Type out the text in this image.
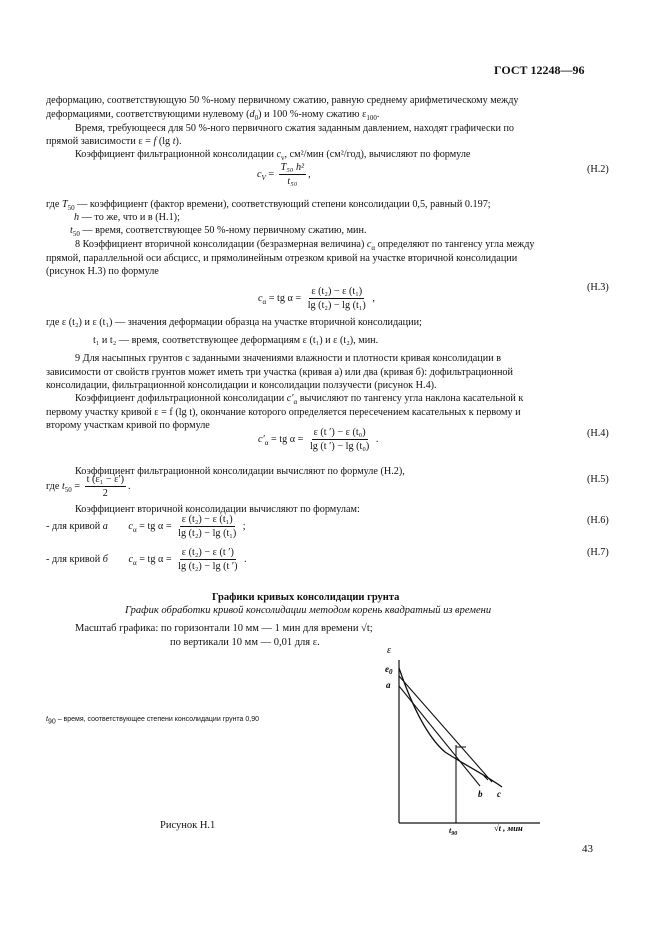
ГОСТ 12248—96
деформацию, соответствующую 50 %-ному первичному сжатию, равную среднему арифметическому между
деформациями, соответствующими нулевому $(d_0)$ и 100 %-ному сжатию $\varepsilon_{100}$.
Время, требующееся для 50 %-ного первичного сжатия заданным давлением, находят графически по
прямой зависимости ε = f (lg t).
Коэффициент фильтрационной консолидации $c_v$, см²/мин (см²/год), вычисляют по формуле
$c_V = \frac{\text{T₅₀ h²}}{\text{t₅₀}}$ ,	(Н.2)
где $T_{50}$ — коэффициент (фактор времени), соответствующий степени консолидации 0,5, равный 0.197;
h — то же, что и в (Н.1);
$t_{50}$ — время, соответствующее 50 %-ному первичному сжатию, мин.
8 Коэффициент вторичной консолидации (безразмерная величина) $c_\alpha$ определяют по тангенсу угла между
прямой, параллельной оси абсцисс, и прямолинейным отрезком кривой на участке вторичной консолидации
(рисунок Н.3) по формуле
$c_\alpha$ = tg $\alpha = \frac{\text{ε (t₂) − ε (t₁)}}{\text{lg (t₂) − lg (t₁)}}$ ,
(Н.3)
где ε (t₂) и ε (t₁) — значения деформации образца на участке вторичной консолидации;
t₁ и t₂ — время, соответствующее деформациям ε (t₁) и ε (t₂), мин.
9 Для насыпных грунтов с заданными значениями влажности и плотности кривая консолидации в
зависимости от свойств грунтов может иметь три участка (кривая а) или два (кривая б): дофильтрационной
консолидации, фильтрационной консолидации и консолидации ползучести (рисунок Н.4).
Коэффициент дофильтрационной консолидации $c'_\alpha$ вычисляют по тангенсу угла наклона касательной к
первому участку кривой ε = f (lg t), окончание которого определяется пересечением касательных к первому и
второму участкам кривой по формуле
$c'_\alpha$ = tg $\alpha = \frac{\text{ε (t ′) − ε (t₀)}}{\text{lg (t ′) − lg (t₀)}}$ .
(Н.4)
Коэффициент фильтрационной консолидации вычисляют по формуле (Н.2),
где $t_{50} = \frac{\text{t (ε₁ − ε′)}}{2}$ .
(Н.5)
Коэффициент вторичной консолидации вычисляют по формулам:
- для кривой а $c_\alpha$ = tg $\alpha = \frac{\text{ε (t₂) − ε (t₁)}}{\text{lg (t₂) − lg (t₁)}}$ ;
(Н.6)
- для кривой б $c_\alpha$ = tg $\alpha = \frac{\text{ε (t₂) − ε (t ′)}}{\text{lg (t₂) − lg (t ′)}}$ .
(Н.7)
Графики кривых консолидации грунта
График обработки кривой консолидации методом корень квадратный из времени
Масштаб графика: по горизонтали 10 мм — 1 мин для времени √t;
по вертикали 10 мм — 0,01 для ε.
ε
$e_0$
a
b c
$t_{90}$
√t , мин
$t_{90}$ – время, соответствующее степени консолидации грунта 0,90
Рисунок Н.1
43
